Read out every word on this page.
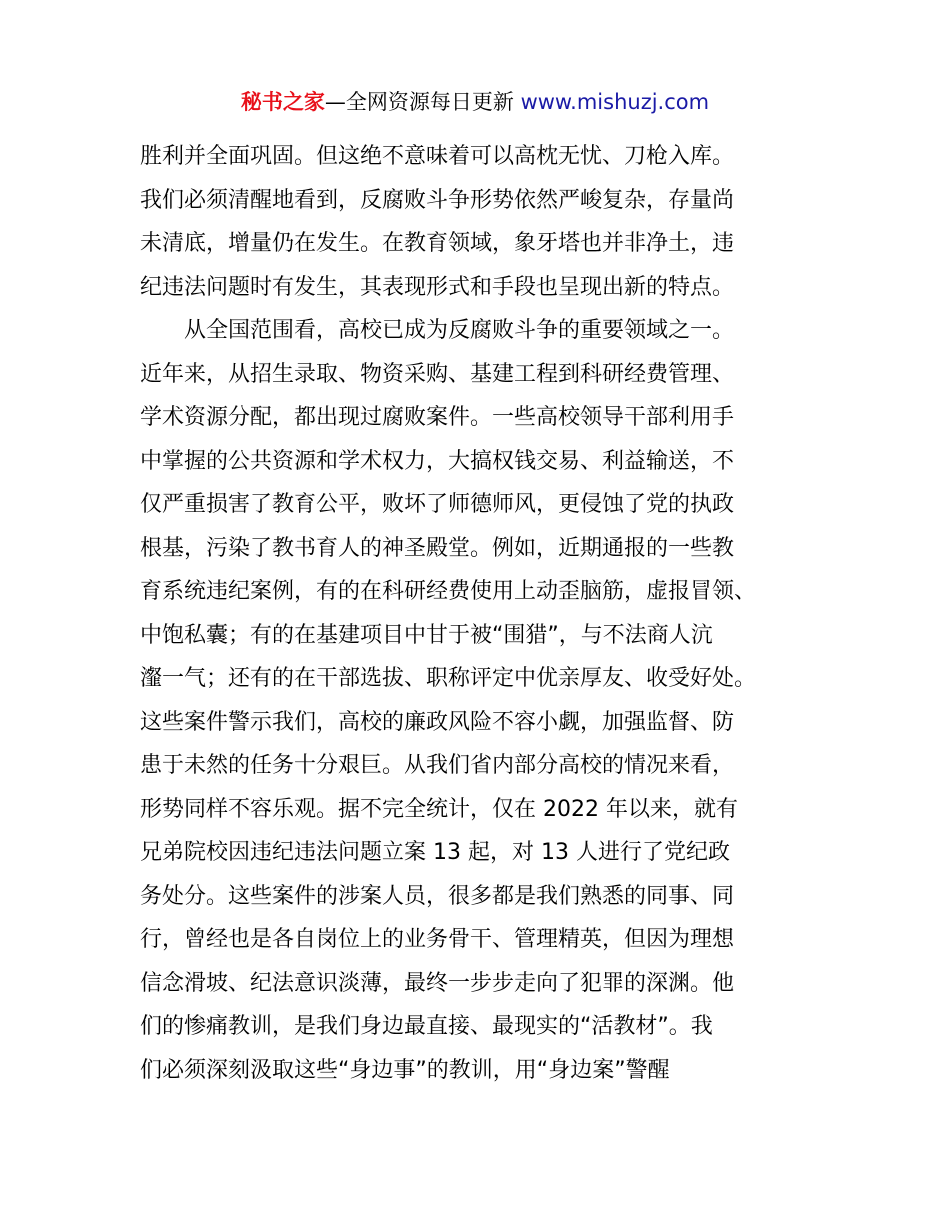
秘书之家—全网资源每日更新 www.mishuzj.com
胜利并全面巩固。但这绝不意味着可以高枕无忧、刀枪入库。
我们必须清醒地看到，反腐败斗争形势依然严峻复杂，存量尚
未清底，增量仍在发生。在教育领域，象牙塔也并非净土，违
纪违法问题时有发生，其表现形式和手段也呈现出新的特点。
从全国范围看，高校已成为反腐败斗争的重要领域之一。
近年来，从招生录取、物资采购、基建工程到科研经费管理、
学术资源分配，都出现过腐败案件。一些高校领导干部利用手
中掌握的公共资源和学术权力，大搞权钱交易、利益输送，不
仅严重损害了教育公平，败坏了师德师风，更侵蚀了党的执政
根基，污染了教书育人的神圣殿堂。例如，近期通报的一些教
育系统违纪案例，有的在科研经费使用上动歪脑筋，虚报冒领、
中饱私囊；有的在基建项目中甘于被“围猎”，与不法商人沆
瀣一气；还有的在干部选拔、职称评定中优亲厚友、收受好处。
这些案件警示我们，高校的廉政风险不容小觑，加强监督、防
患于未然的任务十分艰巨。从我们省内部分高校的情况来看，
形势同样不容乐观。据不完全统计，仅在 2022 年以来，就有
兄弟院校因违纪违法问题立案 13 起，对 13 人进行了党纪政
务处分。这些案件的涉案人员，很多都是我们熟悉的同事、同
行，曾经也是各自岗位上的业务骨干、管理精英，但因为理想
信念滑坡、纪法意识淡薄，最终一步步走向了犯罪的深渊。他
们的惨痛教训，是我们身边最直接、最现实的“活教材”。我
们必须深刻汲取这些“身边事”的教训，用“身边案”警醒
